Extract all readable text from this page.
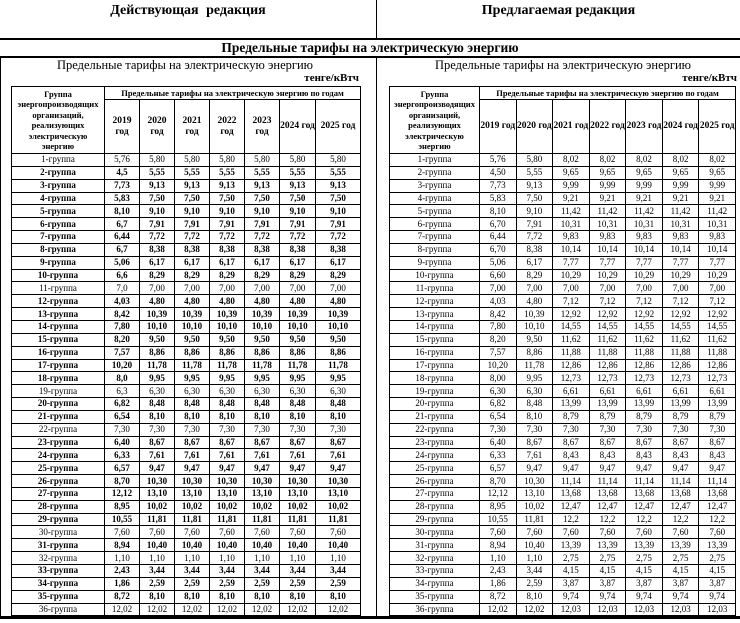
Действующая редакция	Предлагаемая редакция
Предельные тарифы на электрическую энергию
Предельные тарифы на электрическую энергию
тенге/кВтч
Группа энергопроизводящих организаций, реализующих электрическую энергию	Предельные тарифы на электрическую энергию по годам						
	2019 год	2020 год	2021 год	2022 год	2023 год	2024 год	2025 год
1-группа	5,76	5,80	5,80	5,80	5,80	5,80	5,80
2-группа	4,5	5,55	5,55	5,55	5,55	5,55	5,55
3-группа	7,73	9,13	9,13	9,13	9,13	9,13	9,13
4-группа	5,83	7,50	7,50	7,50	7,50	7,50	7,50
5-группа	8,10	9,10	9,10	9,10	9,10	9,10	9,10
6-группа	6,7	7,91	7,91	7,91	7,91	7,91	7,91
7-группа	6,44	7,72	7,72	7,72	7,72	7,72	7,72
8-группа	6,7	8,38	8,38	8,38	8,38	8,38	8,38
9-группа	5,06	6,17	6,17	6,17	6,17	6,17	6,17
10-группа	6,6	8,29	8,29	8,29	8,29	8,29	8,29
11-группа	7,0	7,00	7,00	7,00	7,00	7,00	7,00
12-группа	4,03	4,80	4,80	4,80	4,80	4,80	4,80
13-группа	8,42	10,39	10,39	10,39	10,39	10,39	10,39
14-группа	7,80	10,10	10,10	10,10	10,10	10,10	10,10
15-группа	8,20	9,50	9,50	9,50	9,50	9,50	9,50
16-группа	7,57	8,86	8,86	8,86	8,86	8,86	8,86
17-группа	10,20	11,78	11,78	11,78	11,78	11,78	11,78
18-группа	8,0	9,95	9,95	9,95	9,95	9,95	9,95
19-группа	6,3	6,30	6,30	6,30	6,30	6,30	6,30
20-группа	6,82	8,48	8,48	8,48	8,48	8,48	8,48
21-группа	6,54	8,10	8,10	8,10	8,10	8,10	8,10
22-группа	7,30	7,30	7,30	7,30	7,30	7,30	7,30
23-группа	6,40	8,67	8,67	8,67	8,67	8,67	8,67
24-группа	6,33	7,61	7,61	7,61	7,61	7,61	7,61
25-группа	6,57	9,47	9,47	9,47	9,47	9,47	9,47
26-группа	8,70	10,30	10,30	10,30	10,30	10,30	10,30
27-группа	12,12	13,10	13,10	13,10	13,10	13,10	13,10
28-группа	8,95	10,02	10,02	10,02	10,02	10,02	10,02
29-группа	10,55	11,81	11,81	11,81	11,81	11,81	11,81
30-группа	7,60	7,60	7,60	7,60	7,60	7,60	7,60
31-группа	8,94	10,40	10,40	10,40	10,40	10,40	10,40
32-группа	1,10	1,10	1,10	1,10	1,10	1,10	1,10
33-группа	2,43	3,44	3,44	3,44	3,44	3,44	3,44
34-группа	1,86	2,59	2,59	2,59	2,59	2,59	2,59
35-группа	8,72	8,10	8,10	8,10	8,10	8,10	8,10
36-группа	12,02	12,02	12,02	12,02	12,02	12,02	12,02
Предельные тарифы на электрическую энергию
тенге/кВтч
Группа энергопроизводящих организаций, реализующих электрическую энергию	Предельные тарифы на электрическую энергию по годам						
	2019 год	2020 год	2021 год	2022 год	2023 год	2024 год	2025 год
1-группа	5,76	5,80	8,02	8,02	8,02	8,02	8,02
2-группа	4,50	5,55	9,65	9,65	9,65	9,65	9,65
3-группа	7,73	9,13	9,99	9,99	9,99	9,99	9,99
4-группа	5,83	7,50	9,21	9,21	9,21	9,21	9,21
5-группа	8,10	9,10	11,42	11,42	11,42	11,42	11,42
6-группа	6,70	7,91	10,31	10,31	10,31	10,31	10,31
7-группа	6,44	7,72	9,83	9,83	9,83	9,83	9,83
8-группа	6,70	8,38	10,14	10,14	10,14	10,14	10,14
9-группа	5,06	6,17	7,77	7,77	7,77	7,77	7,77
10-группа	6,60	8,29	10,29	10,29	10,29	10,29	10,29
11-группа	7,00	7,00	7,00	7,00	7,00	7,00	7,00
12-группа	4,03	4,80	7,12	7,12	7,12	7,12	7,12
13-группа	8,42	10,39	12,92	12,92	12,92	12,92	12,92
14-группа	7,80	10,10	14,55	14,55	14,55	14,55	14,55
15-группа	8,20	9,50	11,62	11,62	11,62	11,62	11,62
16-группа	7,57	8,86	11,88	11,88	11,88	11,88	11,88
17-группа	10,20	11,78	12,86	12,86	12,86	12,86	12,86
18-группа	8,00	9,95	12,73	12,73	12,73	12,73	12,73
19-группа	6,30	6,30	6,61	6,61	6,61	6,61	6,61
20-группа	6,82	8,48	13,99	13,99	13,99	13,99	13,99
21-группа	6,54	8,10	8,79	8,79	8,79	8,79	8,79
22-группа	7,30	7,30	7,30	7,30	7,30	7,30	7,30
23-группа	6,40	8,67	8,67	8,67	8,67	8,67	8,67
24-группа	6,33	7,61	8,43	8,43	8,43	8,43	8,43
25-группа	6,57	9,47	9,47	9,47	9,47	9,47	9,47
26-группа	8,70	10,30	11,14	11,14	11,14	11,14	11,14
27-группа	12,12	13,10	13,68	13,68	13,68	13,68	13,68
28-группа	8,95	10,02	12,47	12,47	12,47	12,47	12,47
29-группа	10,55	11,81	12,2	12,2	12,2	12,2	12,2
30-группа	7,60	7,60	7,60	7,60	7,60	7,60	7,60
31-группа	8,94	10,40	13,39	13,39	13,39	13,39	13,39
32-группа	1,10	1,10	2,75	2,75	2,75	2,75	2,75
33-группа	2,43	3,44	4,15	4,15	4,15	4,15	4,15
34-группа	1,86	2,59	3,87	3,87	3,87	3,87	3,87
35-группа	8,72	8,10	9,74	9,74	9,74	9,74	9,74
36-группа	12,02	12,02	12,03	12,03	12,03	12,03	12,03
